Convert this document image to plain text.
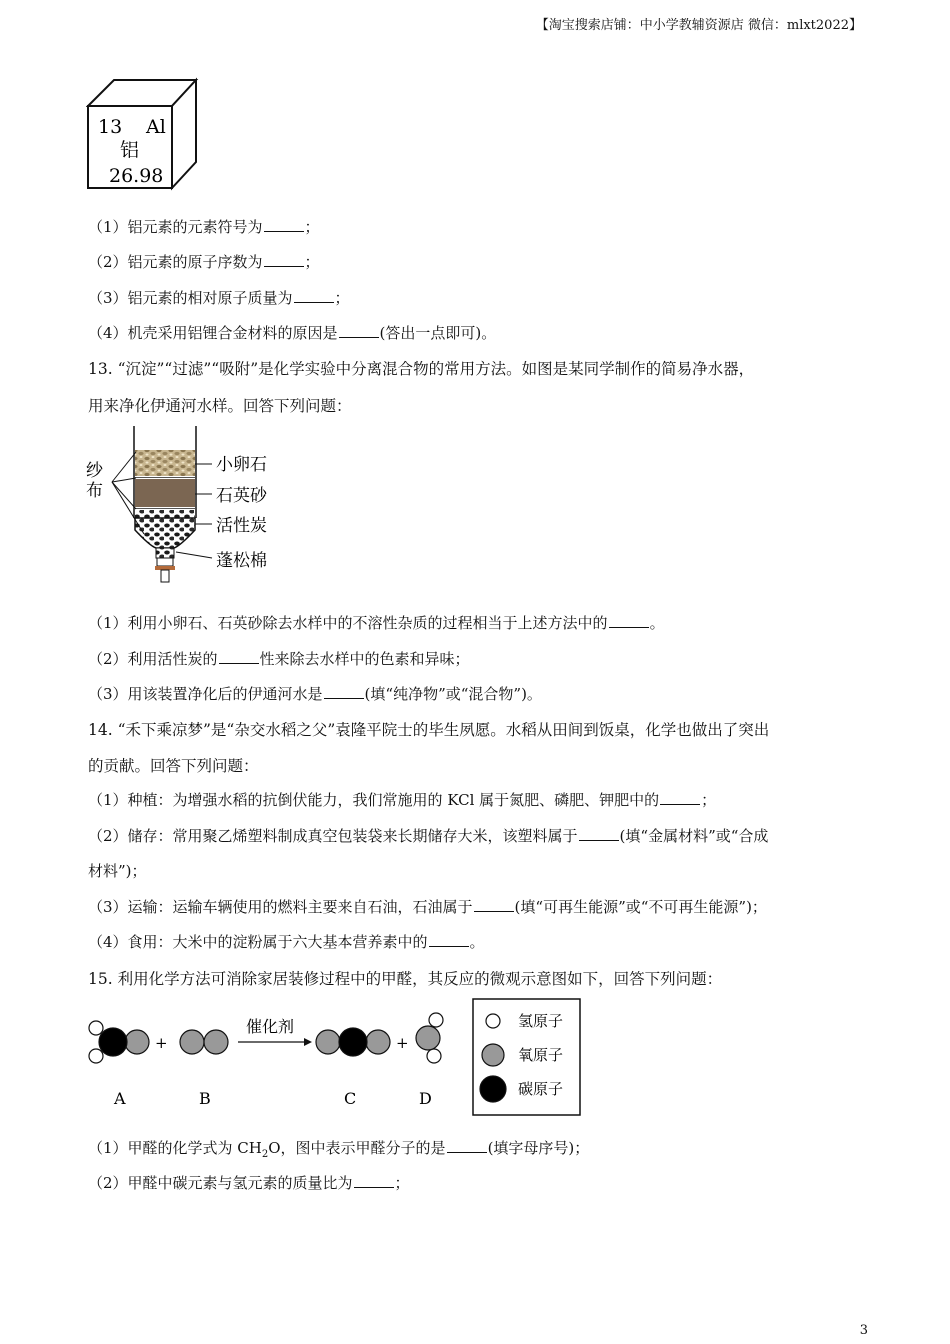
【淘宝搜索店铺：中小学教辅资源店 微信：mlxt2022】
13 Al
铝
26.98
（1）铝元素的元素符号为	；
（2）铝元素的原子序数为	；
（3）铝元素的相对原子质量为	；
（4）机壳采用铝锂合金材料的原因是	(答出一点即可)。
13. “沉淀”“过滤”“吸附”是化学实验中分离混合物的常用方法。如图是某同学制作的简易净水器，
用来净化伊通河水样。回答下列问题：
纱
布
小卵石
石英砂
活性炭
蓬松棉
（1）利用小卵石、石英砂除去水样中的不溶性杂质的过程相当于上述方法中的	。
（2）利用活性炭的	性来除去水样中的色素和异味；
（3）用该装置净化后的伊通河水是	(填“纯净物”或“混合物”)。
14. “禾下乘凉梦”是“杂交水稻之父”袁隆平院士的毕生夙愿。水稻从田间到饭桌，化学也做出了突出
的贡献。回答下列问题：
（1）种植：为增强水稻的抗倒伏能力，我们常施用的 KCl 属于氮肥、磷肥、钾肥中的	；
（2）储存：常用聚乙烯塑料制成真空包装袋来长期储存大米，该塑料属于	(填“金属材料”或“合成
材料”)；
（3）运输：运输车辆使用的燃料主要来自石油，石油属于	(填“可再生能源”或“不可再生能源”)；
（4）食用：大米中的淀粉属于六大基本营养素中的	。
15. 利用化学方法可消除家居装修过程中的甲醛，其反应的微观示意图如下，回答下列问题：
+
催化剂
+
A	B	C	D
氢原子
氧原子
碳原子
（1）甲醛的化学式为 $CH_2O$，图中表示甲醛分子的是	(填字母序号)；
（2）甲醛中碳元素与氢元素的质量比为	；
3
